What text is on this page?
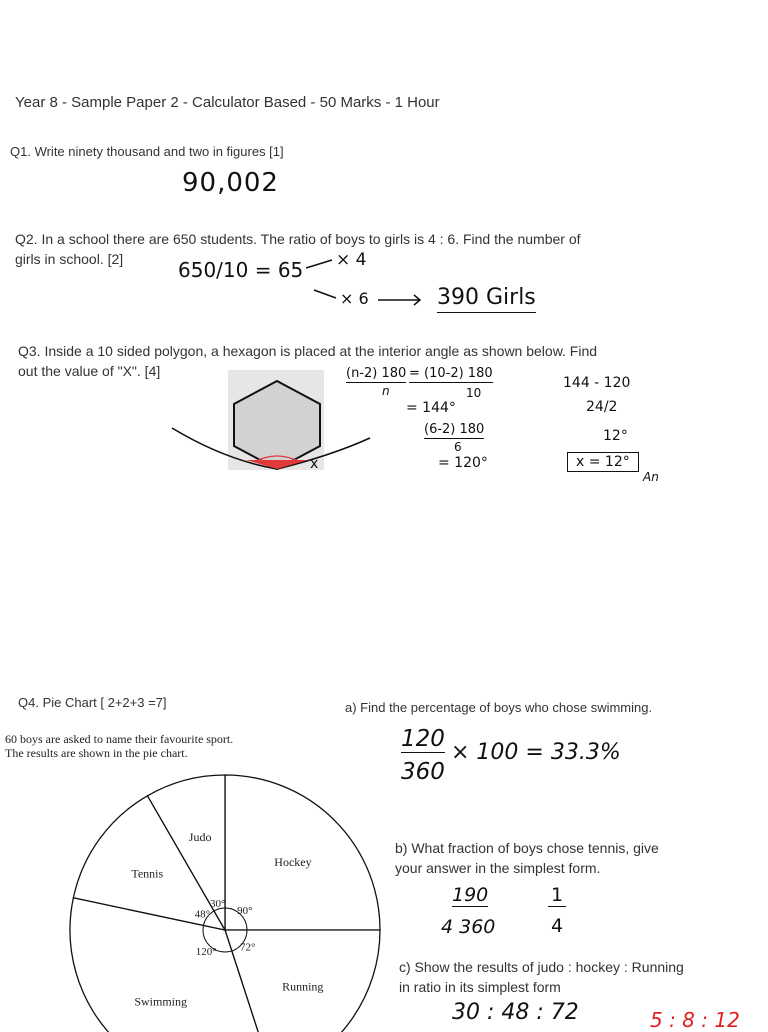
Year 8 - Sample Paper 2 - Calculator Based - 50 Marks - 1 Hour
Q1. Write ninety thousand and two in figures [1]
90,002
Q2. In a school there are 650 students. The ratio of boys to girls is 4 : 6. Find the number of
girls in school. [2]	650/10 = 65 × 4
× 6	390 Girls
Q3. Inside a 10 sided polygon, a hexagon is placed at the interior angle as shown below. Find
out the value of "X". [4]
x
(n-2) 180 = (10-2) 180
n	10
= 144°
(6-2) 180
6
= 120°
144 - 120
24/2
12°
x = 12°
An
Q4. Pie Chart [ 2+2+3 =7]
60 boys are asked to name their favourite sport.
The results are shown in the pie chart.
Hockey
90°
Running
72°
Swimming
120°
Tennis
48°
Judo
30°
a) Find the percentage of boys who chose swimming.
120
360
× 100 = 33.3%
b) What fraction of boys chose tennis, give
your answer in the simplest form.
190
4 360
1
4
c) Show the results of judo : hockey : Running
in ratio in its simplest form
30 : 48 : 72	5 : 8 : 12
